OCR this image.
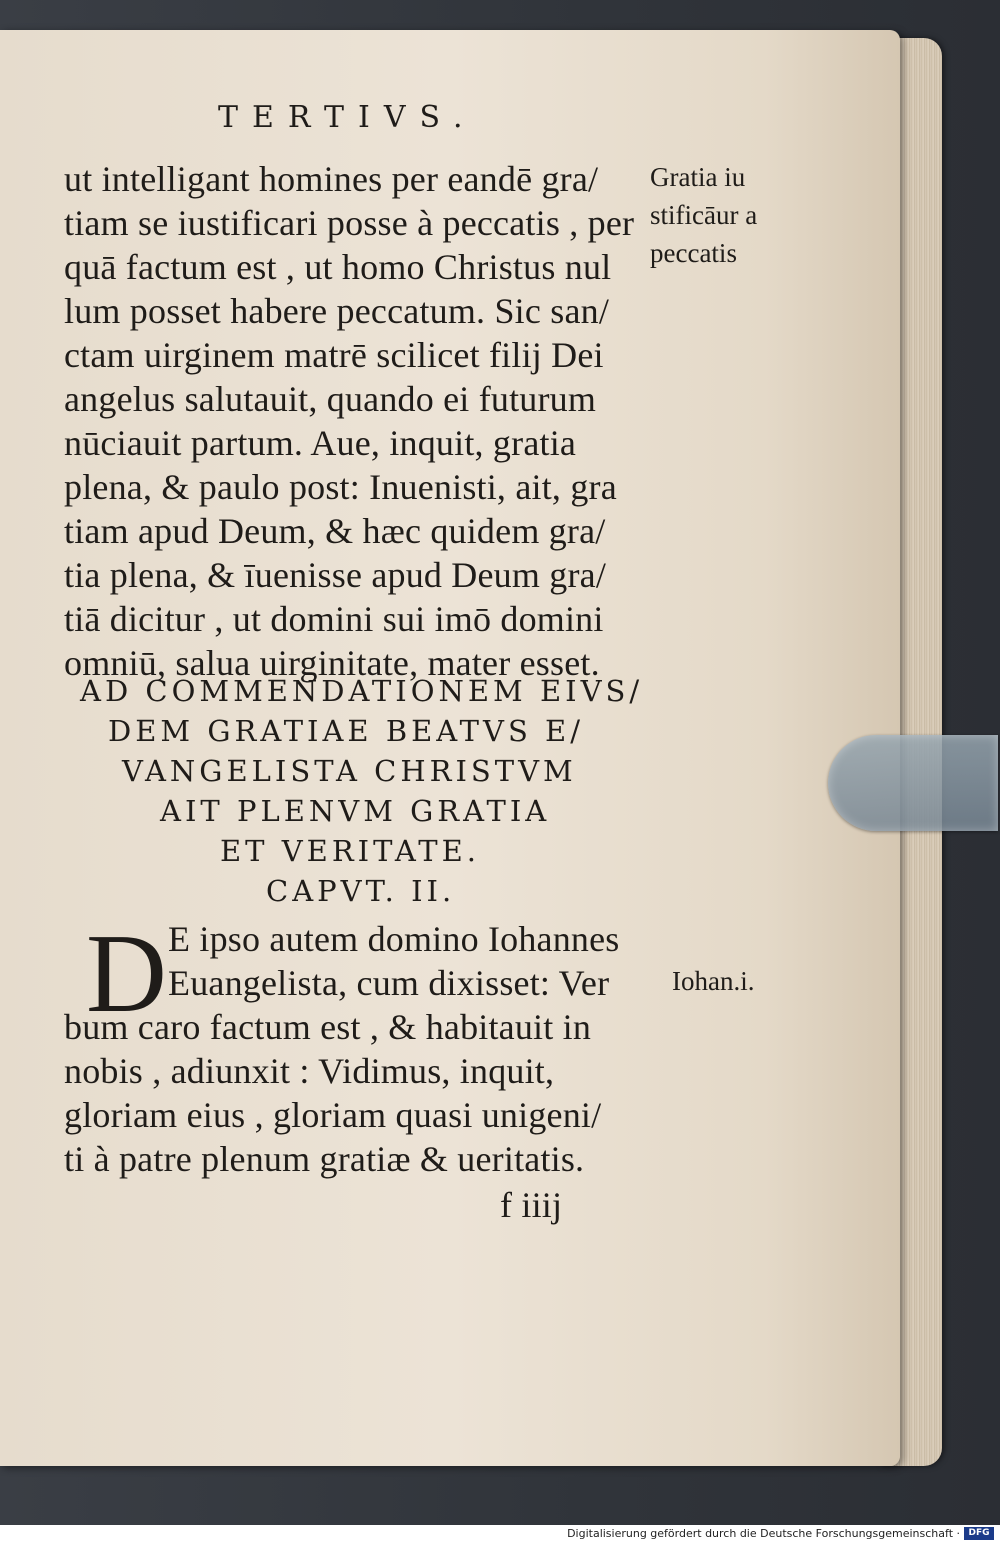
TERTIVS.
ut intelligant homines per eandē gra/
tiam se iustificari posse à peccatis , per
quā factum est , ut homo Christus nul
lum posset habere peccatum. Sic san/
ctam uirginem matrē scilicet filij Dei
angelus salutauit, quando ei futurum
nūciauit partum. Aue, inquit, gratia
plena, & paulo post: Inuenisti, ait, gra
tiam apud Deum, & hæc quidem gra/
tia plena, & īuenisse apud Deum gra/
tiā dicitur , ut domini sui imō domini
omniū, salua uirginitate, mater esset.
Gratia iu
stificāur a
peccatis
AD COMMENDATIONEM EIVS/
DEM GRATIAE BEATVS E/
VANGELISTA CHRISTVM
AIT PLENVM GRATIA
ET VERITATE.
CAPVT. II.
D E ipso autem domino Iohannes
Euangelista, cum dixisset: Ver Iohan.i.
bum caro factum est , & habitauit in
nobis , adiunxit : Vidimus, inquit,
gloriam eius , gloriam quasi unigeni/
ti à patre plenum gratiæ & ueritatis.
f iiij
Digitalisierung gefördert durch die Deutsche Forschungsgemeinschaft · DFG
